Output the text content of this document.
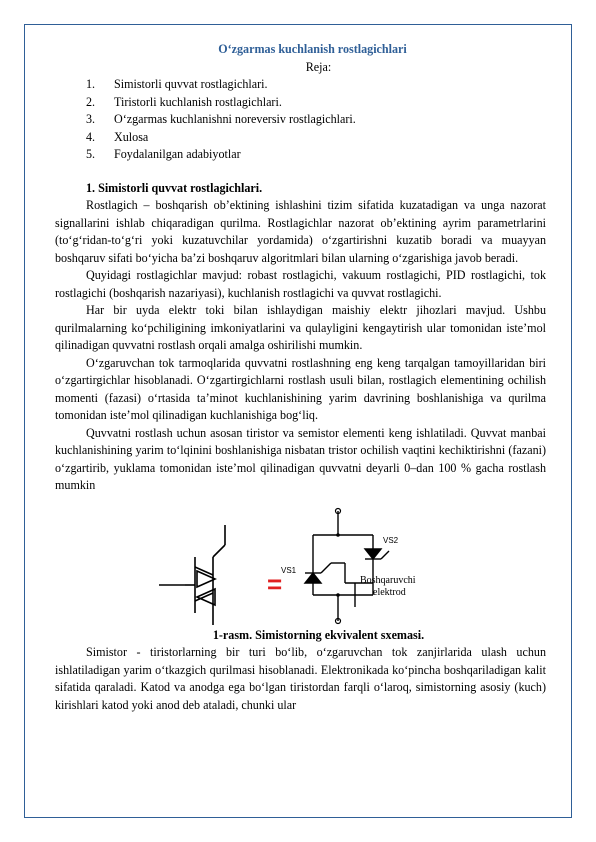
O‘zgarmas kuchlanish rostlagichlari
Reja:
1.	Simistorli quvvat rostlagichlari.
2.	Tiristorli kuchlanish rostlagichlari.
3.	O‘zgarmas kuchlanishni noreversiv rostlagichlari.
4.	Xulosa
5.	Foydalanilgan adabiyotlar
1. Simistorli quvvat rostlagichlari.

Rostlagich – boshqarish ob’ektining ishlashini tizim sifatida kuzatadigan va unga nazorat signallarini ishlab chiqaradigan qurilma. Rostlagichlar nazorat ob’ektining ayrim parametrlarini (to‘g‘ridan-to‘g‘ri yoki kuzatuvchilar yordamida) o‘zgartirishni kuzatib boradi va muayyan boshqaruv sifati bo‘yicha ba’zi boshqaruv algoritmlari bilan ularning o‘zgarishiga javob beradi.

Quyidagi rostlagichlar mavjud: robast rostlagichi, vakuum rostlagichi, PID rostlagichi, tok rostlagichi (boshqarish nazariyasi), kuchlanish rostlagichi va quvvat rostlagichi.

Har bir uyda elektr toki bilan ishlaydigan maishiy elektr jihozlari mavjud. Ushbu qurilmalarning ko‘pchiligining imkoniyatlarini va qulayligini kengaytirish ular tomonidan iste’mol qilinadigan quvvatni rostlash orqali amalga oshirilishi mumkin.

O‘zgaruvchan tok tarmoqlarida quvvatni rostlashning eng keng tarqalgan tamoyillaridan biri o‘zgartirgichlar hisoblanadi. O‘zgartirgichlarni rostlash usuli bilan, rostlagich elementining ochilish momenti (fazasi) o‘rtasida ta’minot kuchlanishining yarim davrining boshlanishiga va qurilma tomonidan iste’mol qilinadigan kuchlanishiga bog‘liq.

Quvvatni rostlash uchun asosan tiristor va semistor elementi keng ishlatiladi. Quvvat manbai kuchlanishining yarim to‘lqinini boshlanishiga nisbatan tristor ochilish vaqtini kechiktirishni (fazani) o‘zgartirib, yuklama tomonidan iste’mol qilinadigan quvvatni deyarli 0–dan 100 % gacha rostlash mumkin

=
VS2
VS1
Boshqaruvchi
elektrod
1-rasm. Simistorning ekvivalent sxemasi.

Simistor - tiristorlarning bir turi bo‘lib, o‘zgaruvchan tok zanjirlarida ulash uchun ishlatiladigan yarim o‘tkazgich qurilmasi hisoblanadi. Elektronikada ko‘pincha boshqariladigan kalit sifatida qaraladi. Katod va anodga ega bo‘lgan tiristordan farqli o‘laroq, simistorning asosiy (kuch) kirishlari katod yoki anod deb ataladi, chunki ular
